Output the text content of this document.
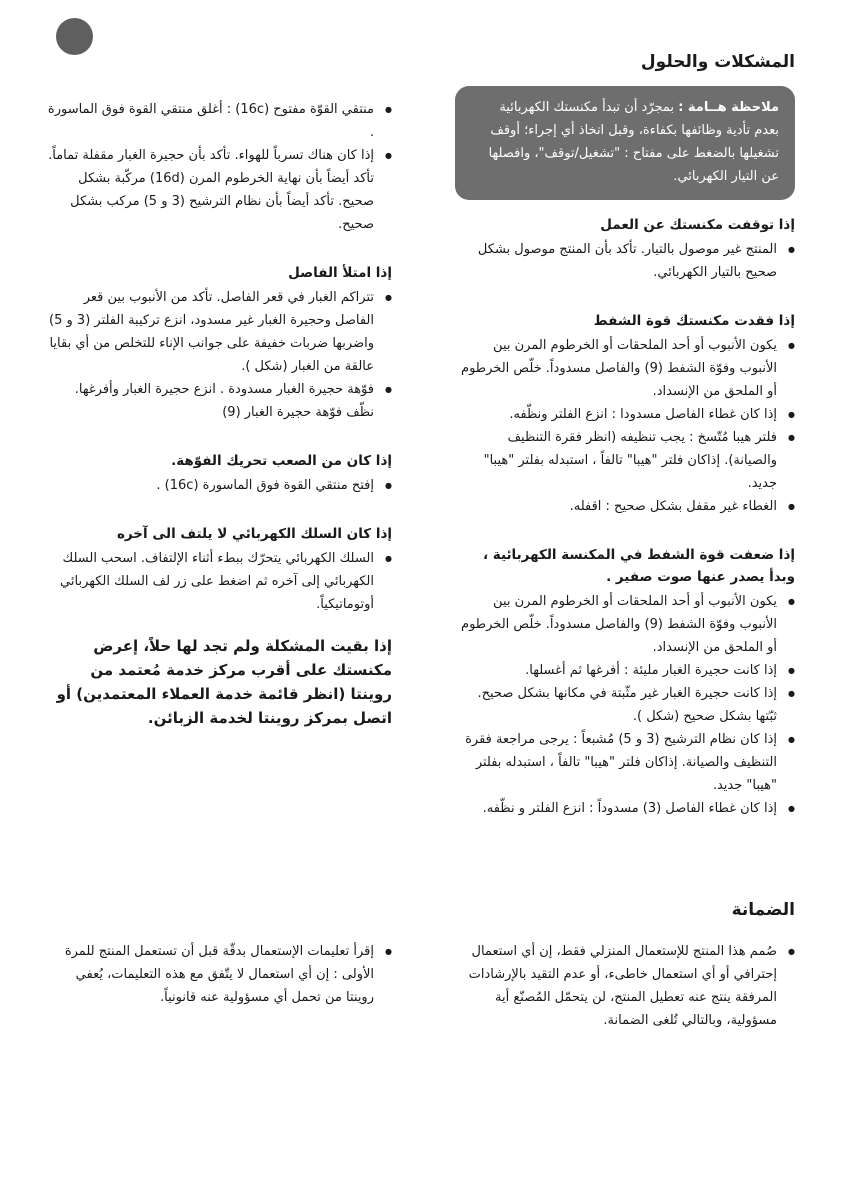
المشكلات والحلول
ملاحظة هــامة : بمجرّد أن تبدأ مكنستك الكهربائية بعدم تأدية وظائفها بكفاءة، وقبل اتخاذ أي إجراء؛ أوقف تشغيلها بالضغط على مفتاح : "تشغيل/توقف"، وافصلها عن التيار الكهربائي.
إذا توقفت مكنستك عن العمل
● المنتج غير موصول بالتيار. تأكد بأن المنتج موصول بشكل صحيح بالتيار الكهربائي.
إذا فقدت مكنستك قوة الشفط
● يكون الأنبوب أو أحد الملحقات أو الخرطوم المرن بين الأنبوب وفوّة الشفط (9) والفاصل مسدوداً. خلّص الخرطوم أو الملحق من الإنسداد.
● إذا كان غطاء الفاصل مسدودا : انزع الفلتر ونظّفه.
● فلتر هيبا مُتّسخ : يجب تنظيفه (انظر فقرة التنظيف والصيانة). إذاكان فلتر "هيبا" تالفاً ، استبدله بفلتر "هيبا" جديد.
● الغطاء غير مقفل بشكل صحيح : اقفله.
إذا ضعفت قوة الشفط في المكنسة الكهربائية ، وبدأ يصدر عنها صوت صفير .
● يكون الأنبوب أو أحد الملحقات أو الخرطوم المرن بين الأنبوب وفوّة الشفط (9) والفاصل مسدوداً. خلّص الخرطوم أو الملحق من الإنسداد.
● إذا كانت حجيرة الغبار مليئة : أفرغها ثم أغسلها.
● إذا كانت حجيرة الغبار غير مثّبتة في مكانها بشكل صحيح. ثبّتها بشكل صحيح (شكل ).
● إذا كان نظام الترشيح (3 و 5) مُشبعاً : يرجى مراجعة فقرة التنظيف والصيانة. إذاكان فلتر "هيبا" تالفاً ، استبدله بفلتر "هيبا" جديد.
● إذا كان غطاء الفاصل (3) مسدوداً : انزع الفلتر و نظّفه.
● منتقي القوّة مفتوح (16c) : أغلق منتقي القوة فوق الماسورة .
● إذا كان هناك تسرباً للهواء. تأكد بأن حجيرة الغبار مقفلة تماماً. تأكد أيضاً بأن نهاية الخرطوم المرن (16d) مركّبة بشكل صحيح. تأكد أيضاً بأن نظام الترشيح (3 و 5) مركب بشكل صحيح.
إذا امتلأ الفاصل
● تتراكم الغبار في قعر الفاصل. تأكد من الأنبوب بين قعر الفاصل وحجيرة الغبار غير مسدود، انزع تركيبة الفلتر (3 و 5) واضربها ضربات خفيفة على جوانب الإناء للتخلص من أي بقايا عالقة من الغبار (شكل ).
● فوّهة حجيرة الغبار مسدودة . انزع حجيرة الغبار وأفرغها. نظّف فوّهة حجيرة الغبار (9)
إذا كان من الصعب تحريك الفوّهة.
● إفتح منتقي القوة فوق الماسورة (16c) .
إذا كان السلك الكهربائي لا يلتف الى آخره
● السلك الكهربائي يتحرّك ببطء أثناء الإلتفاف. اسحب السلك الكهربائي إلى آخره ثم اضغط على زر لف السلك الكهربائي أوتوماتيكياً.
إذا بقيت المشكلة ولم تجد لها حلاً، إعرض مكنستك على أقرب مركز خدمة مُعتمد من روينتا (انظر قائمة خدمة العملاء المعتمدين) أو اتصل بمركز روينتا لخدمة الزبائن.
الضمانة
● صُمم هذا المنتج للإستعمال المنزلي فقط، إن أي استعمال إحترافي أو أي استعمال خاطىء، أو عدم التقيد بالإرشادات المرفقة ينتج عنه تعطيل المنتج، لن يتحمّل المُصنّع أية مسؤولية، وبالتالي تُلغى الضمانة.
● إقرأ تعليمات الإستعمال بدقّة قبل أن تستعمل المنتج للمرة الأولى : إن أي استعمال لا يتّفق مع هذه التعليمات، يُعفي روينتا من تحمل أي مسؤولية عنه قانونياً.
